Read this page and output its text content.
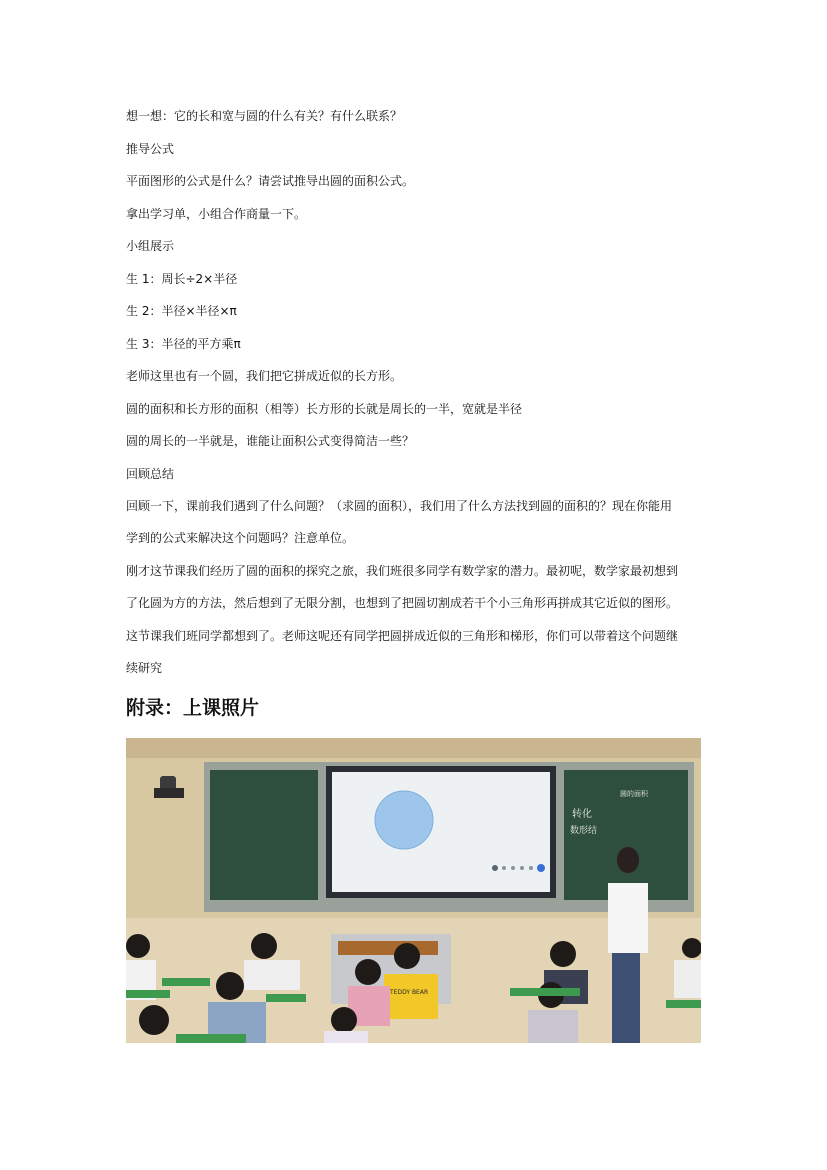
想一想：它的长和宽与圆的什么有关？有什么联系？
推导公式
平面图形的公式是什么？请尝试推导出圆的面积公式。
拿出学习单，小组合作商量一下。
小组展示
生 1：周长÷2×半径
生 2：半径×半径×π
生 3：半径的平方乘π
老师这里也有一个圆，我们把它拼成近似的长方形。
圆的面积和长方形的面积（相等）长方形的长就是周长的一半，宽就是半径
圆的周长的一半就是，谁能让面积公式变得简洁一些？
回顾总结
回顾一下，课前我们遇到了什么问题？（求圆的面积），我们用了什么方法找到圆的面积的？现在你能用
学到的公式来解决这个问题吗？注意单位。
刚才这节课我们经历了圆的面积的探究之旅，我们班很多同学有数学家的潜力。最初呢，数学家最初想到
了化圆为方的方法，然后想到了无限分割，也想到了把圆切割成若干个小三角形再拼成其它近似的图形。
这节课我们班同学都想到了。老师这呢还有同学把圆拼成近似的三角形和梯形，你们可以带着这个问题继
续研究
附录：上课照片
圆的面积
转化
数形结
TEDDY BEAR
